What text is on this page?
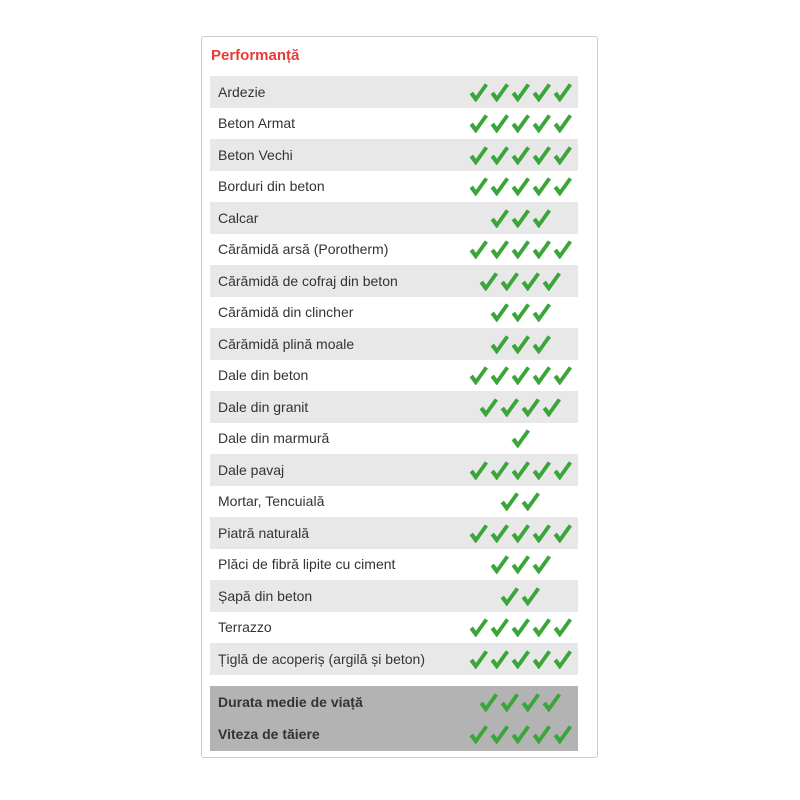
Performanță
Ardezie
Beton Armat
Beton Vechi
Borduri din beton
Calcar
Cărămidă arsă (Porotherm)
Cărămidă de cofraj din beton
Cărămidă din clincher
Cărămidă plină moale
Dale din beton
Dale din granit
Dale din marmură
Dale pavaj
Mortar, Tencuială
Piatră naturală
Plăci de fibră lipite cu ciment
Șapă din beton
Terrazzo
Țiglă de acoperiș (argilă și beton)
Durata medie de viață
Viteza de tăiere
